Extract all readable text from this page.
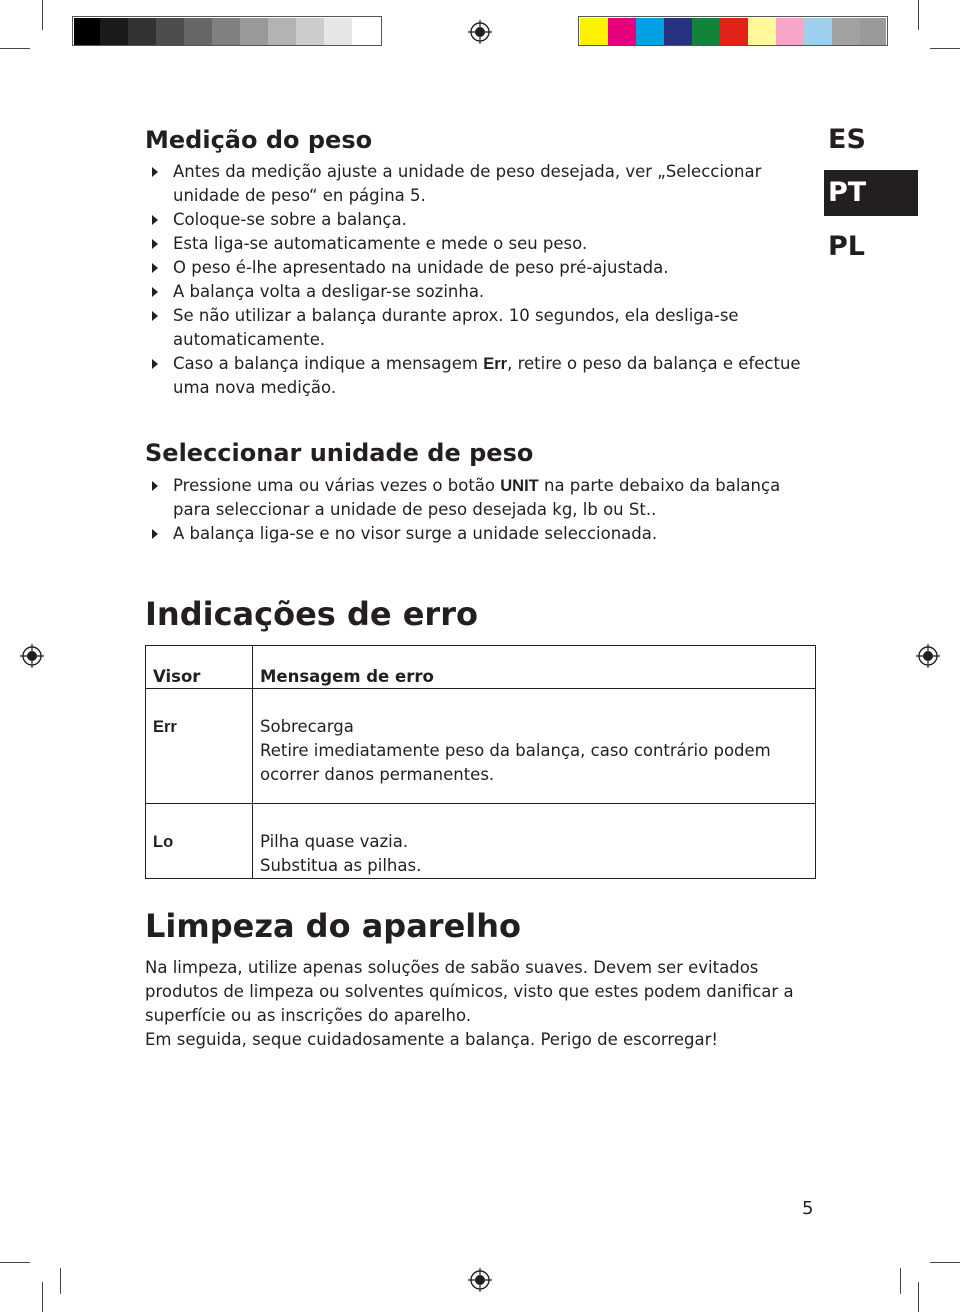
ES
PT
PL
Medição do peso
Antes da medição ajuste a unidade de peso desejada, ver „Seleccionar unidade de peso“ en página 5.
Coloque-se sobre a balança.
Esta liga-se automaticamente e mede o seu peso.
O peso é-lhe apresentado na unidade de peso pré-ajustada.
A balança volta a desligar-se sozinha.
Se não utilizar a balança durante aprox. 10 segundos, ela desliga-se automaticamente.
Caso a balança indique a mensagem Err, retire o peso da balança e efectue uma nova medição.
Seleccionar unidade de peso
Pressione uma ou várias vezes o botão UNIT na parte debaixo da balança para seleccionar a unidade de peso desejada kg, lb ou St..
A balança liga-se e no visor surge a unidade seleccionada.
Indicações de erro
Visor	Mensagem de erro
Err	Sobrecarga
Retire imediatamente peso da balança, caso contrário podem ocorrer danos permanentes.

Lo	Pilha quase vazia.
Substitua as pilhas.
Limpeza do aparelho

Na limpeza, utilize apenas soluções de sabão suaves. Devem ser evitados produtos de limpeza ou solventes químicos, visto que estes podem danificar a superfície ou as inscrições do aparelho.

Em seguida, seque cuidadosamente a balança. Perigo de escorregar!

5
